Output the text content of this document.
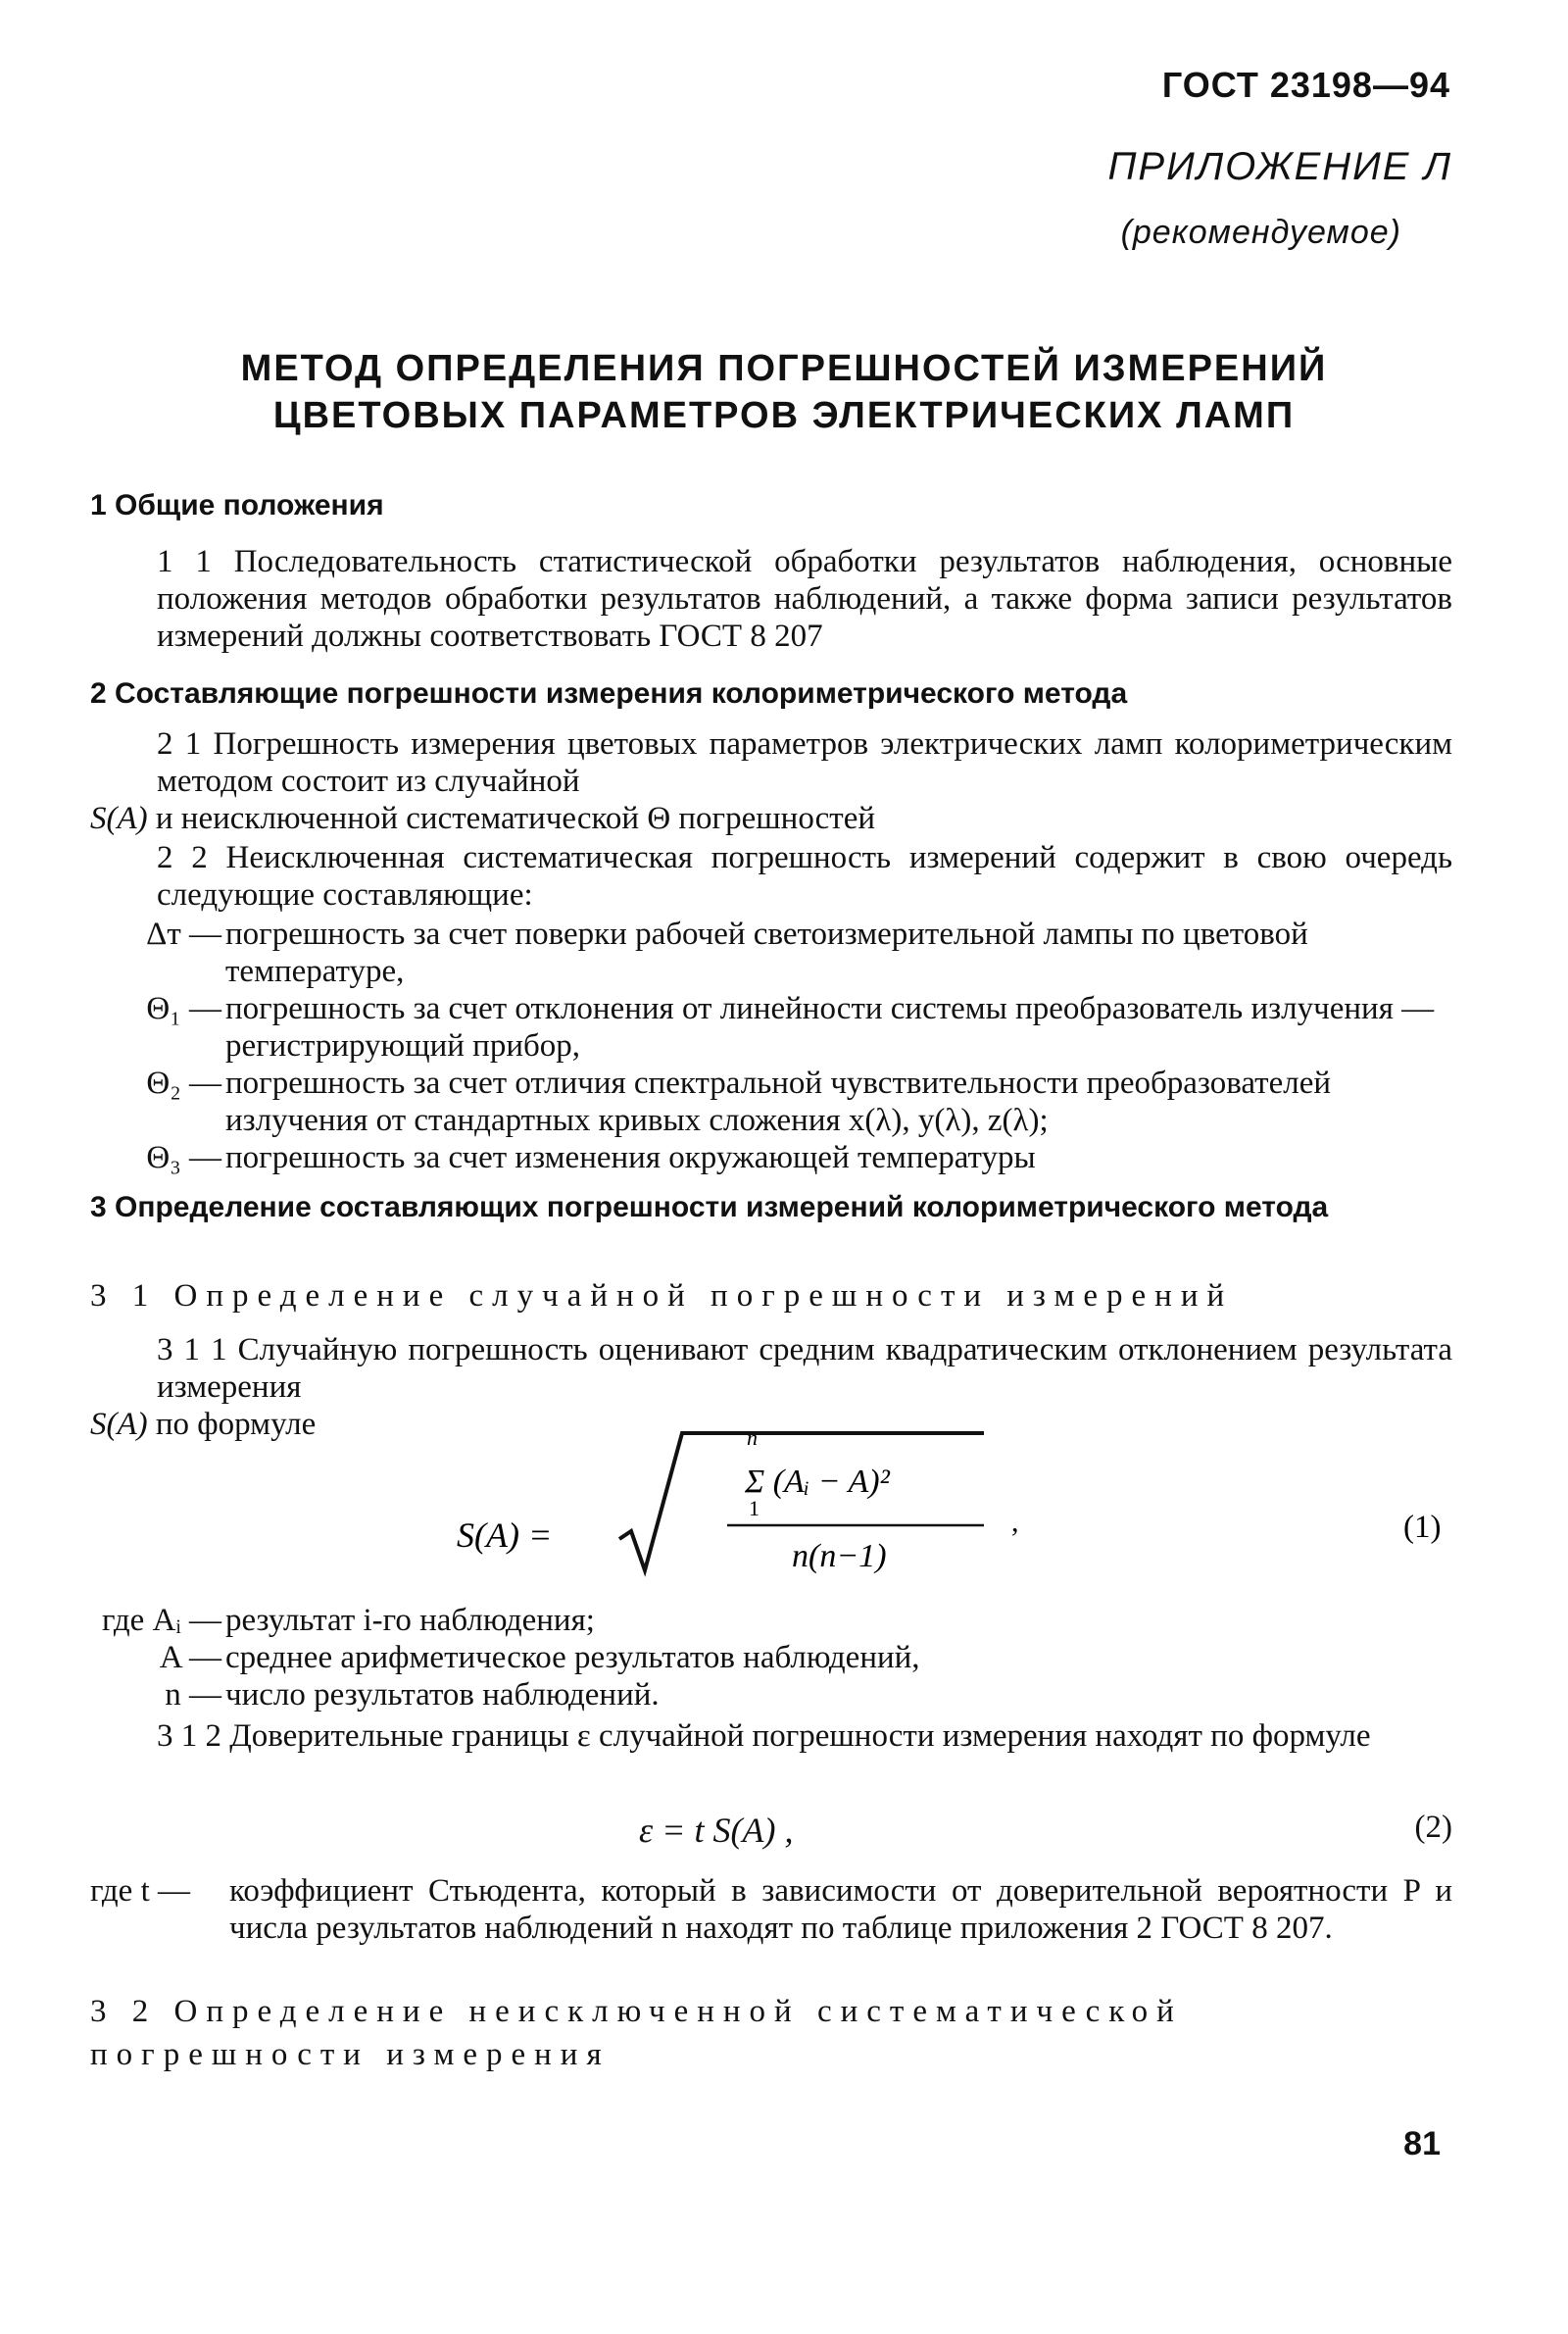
ГОСТ 23198—94
ПРИЛОЖЕНИЕ Л
(рекомендуемое)
МЕТОД ОПРЕДЕЛЕНИЯ ПОГРЕШНОСТЕЙ ИЗМЕРЕНИЙ
ЦВЕТОВЫХ ПАРАМЕТРОВ ЭЛЕКТРИЧЕСКИХ ЛАМП
1 Общие положения
1 1 Последовательность статистической обработки результатов наблюдения, основные положения методов обработки результатов наблюдений, а также форма записи результатов измерений должны соответствовать ГОСТ 8 207
2 Составляющие погрешности измерения колориметрического метода
2 1 Погрешность измерения цветовых параметров электрических ламп колориметрическим методом состоит из случайной S(A) и неисключенной систематической Θ погрешностей
2 2 Неисключенная систематическая погрешность измерений содержит в свою очередь следующие составляющие:
Δт — погрешность за счет поверки рабочей светоизмерительной лампы по цветовой температуре,
Θ₁ — погрешность за счет отклонения от линейности системы преобразователь излучения — регистрирующий прибор,
Θ₂ — погрешность за счет отличия спектральной чувствительности преобразователей излучения от стандартных кривых сложения x(λ), y(λ), z(λ);
Θ₃ — погрешность за счет изменения окружающей температуры
3 Определение составляющих погрешности измерений колориметрического метода
3 1 Определение случайной погрешности измерений
3 1 1 Случайную погрешность оценивают средним квадратическим отклонением результата измерения S(A) по формуле
S(A) =
n
Σ (Aᵢ − A)²
1
n(n−1)
,	(1)
где Aᵢ — результат i-го наблюдения;
A — среднее арифметическое результатов наблюдений,
n — число результатов наблюдений.
3 1 2 Доверительные границы ε случайной погрешности измерения находят по формуле
ε = t S(A) ,	(2)
где t —	коэффициент Стьюдента, который в зависимости от доверительной вероятности P и числа результатов наблюдений n находят по таблице приложения 2 ГОСТ 8 207.
3 2 Определение неисключенной систематической погрешности измерения
81
